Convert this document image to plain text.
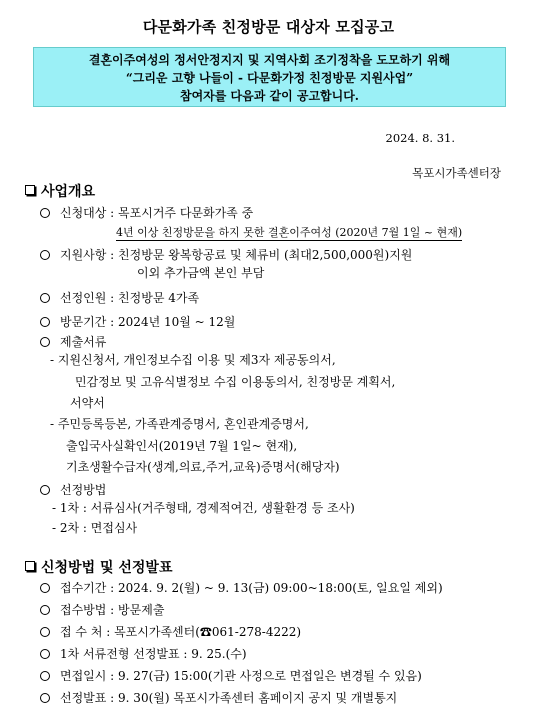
다문화가족 친정방문 대상자 모집공고
결혼이주여성의 정서안정지지 및 지역사회 조기정착을 도모하기 위해
“그리운 고향 나들이 - 다문화가정 친정방문 지원사업”
참여자를 다음과 같이 공고합니다.
2024. 8. 31.
목포시가족센터장
사업개요
신청대상 : 목포시거주 다문화가족 중
4년 이상 친정방문을 하지 못한 결혼이주여성 (2020년 7월 1일 ~ 현재)
지원사항 : 친정방문 왕복항공료 및 체류비 (최대2,500,000원)지원
이외 추가금액 본인 부담
선정인원 : 친정방문 4가족
방문기간 : 2024년 10월 ~ 12월
제출서류
- 지원신청서, 개인정보수집 이용 및 제3자 제공동의서,
민감정보 및 고유식별정보 수집 이용동의서, 친정방문 계획서,
서약서
- 주민등록등본, 가족관계증명서, 혼인관계증명서,
출입국사실확인서(2019년 7월 1일~ 현재),
기초생활수급자(생계,의료,주거,교육)증명서(해당자)
선정방법
- 1차 : 서류심사(거주형태, 경제적여건, 생활환경 등 조사)
- 2차 : 면접심사
신청방법 및 선정발표
접수기간 : 2024. 9. 2(월) ~ 9. 13(금) 09:00~18:00(토, 일요일 제외)
접수방법 : 방문제출
접 수 처 : 목포시가족센터(☎061-278-4222)
1차 서류전형 선정발표 : 9. 25.(수)
면접일시 : 9. 27(금) 15:00(기관 사정으로 면접일은 변경될 수 있음)
선정발표 : 9. 30(월) 목포시가족센터 홈페이지 공지 및 개별통지
